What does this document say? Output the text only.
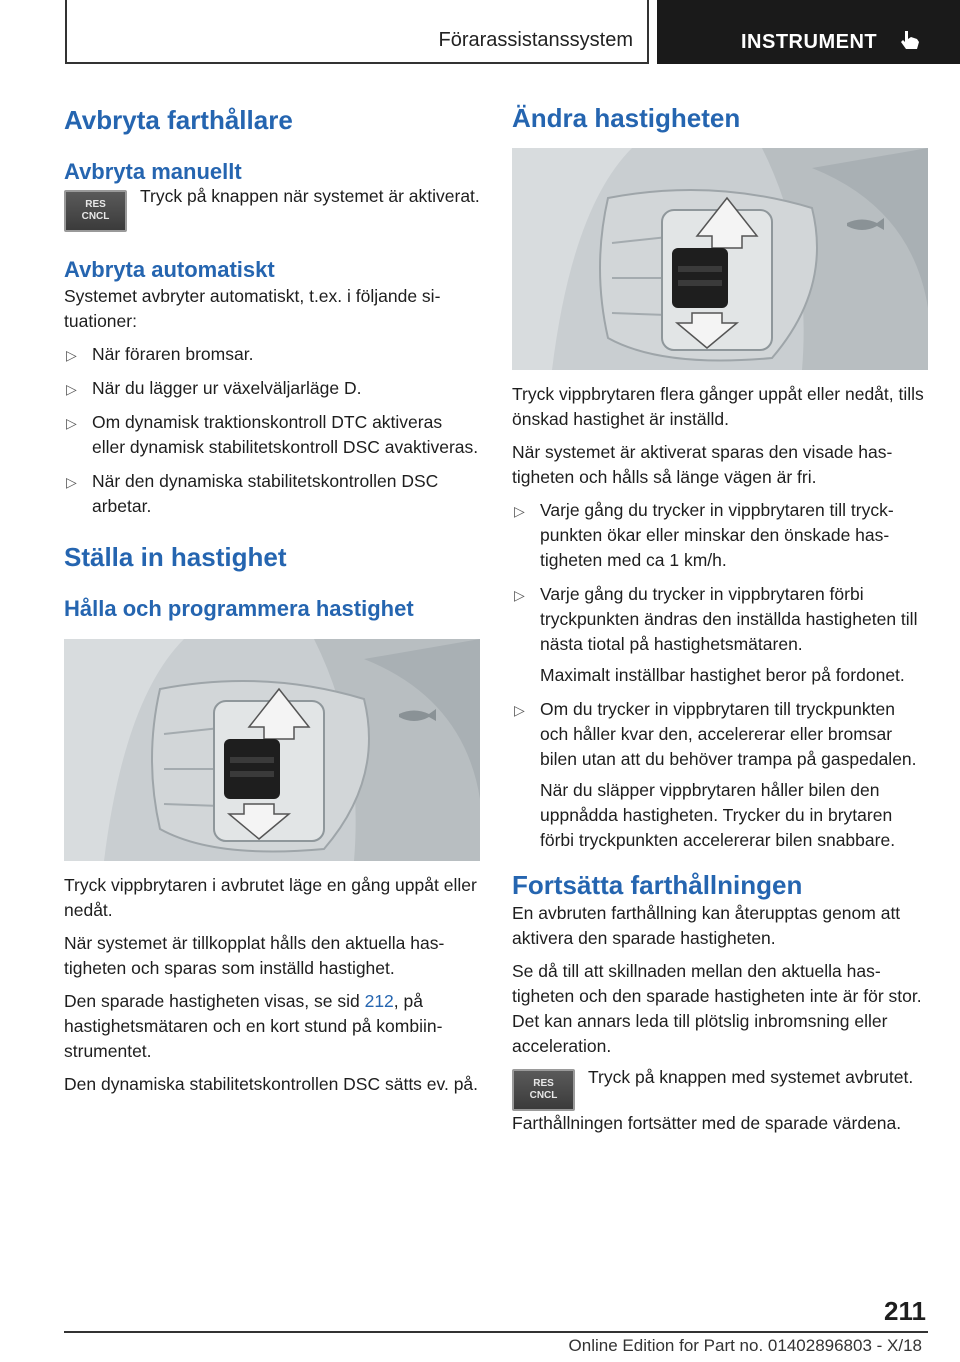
Förarassistanssystem	INSTRUMENT
Avbryta farthållare
Avbryta manuellt
RES
CNCL

Tryck på knappen när systemet är aktiverat.

Avbryta automatiskt

Systemet avbryter automatiskt, t.ex. i följande situationer:

▷ När föraren bromsar.
▷ När du lägger ur växelväljarläge D.
▷ Om dynamisk traktionskontroll DTC aktiveras eller dynamisk stabilitetskontroll DSC avaktiveras.
▷ När den dynamiska stabilitetskontrollen DSC arbetar.
Ställa in hastighet
Hålla och programmera hastighet

Tryck vippbrytaren i avbrutet läge en gång uppåt eller nedåt.

När systemet är tillkopplat hålls den aktuella hastigheten och sparas som inställd hastighet.

Den sparade hastigheten visas, se sid 212, på hastighetsmätaren och en kort stund på kombiinstrumentet.

Den dynamiska stabilitetskontrollen DSC sätts ev. på.

Ändra hastigheten

Tryck vippbrytaren flera gånger uppåt eller nedåt, tills önskad hastighet är inställd.

När systemet är aktiverat sparas den visade hastigheten och hålls så länge vägen är fri.

▷ Varje gång du trycker in vippbrytaren till tryckpunkten ökar eller minskar den önskade hastigheten med ca 1 km/h.
▷ Varje gång du trycker in vippbrytaren förbi tryckpunkten ändras den inställda hastigheten till nästa tiotal på hastighetsmätaren.

Maximalt inställbar hastighet beror på fordonet.

▷ Om du trycker in vippbrytaren till tryckpunkten och håller kvar den, accelererar eller bromsar bilen utan att du behöver trampa på gaspedalen.

När du släpper vippbrytaren håller bilen den uppnådda hastigheten. Trycker du in brytaren förbi tryckpunkten accelererar bilen snabbare.

Fortsätta farthållningen

En avbruten farthållning kan återupptas genom att aktivera den sparade hastigheten.

Se då till att skillnaden mellan den aktuella hastigheten och den sparade hastigheten inte är för stor. Det kan annars leda till plötslig inbromsning eller acceleration.

RES
CNCL

Tryck på knappen med systemet avbrutet.

Farthållningen fortsätter med de sparade värdena.

211
Online Edition for Part no. 01402896803 - X/18
